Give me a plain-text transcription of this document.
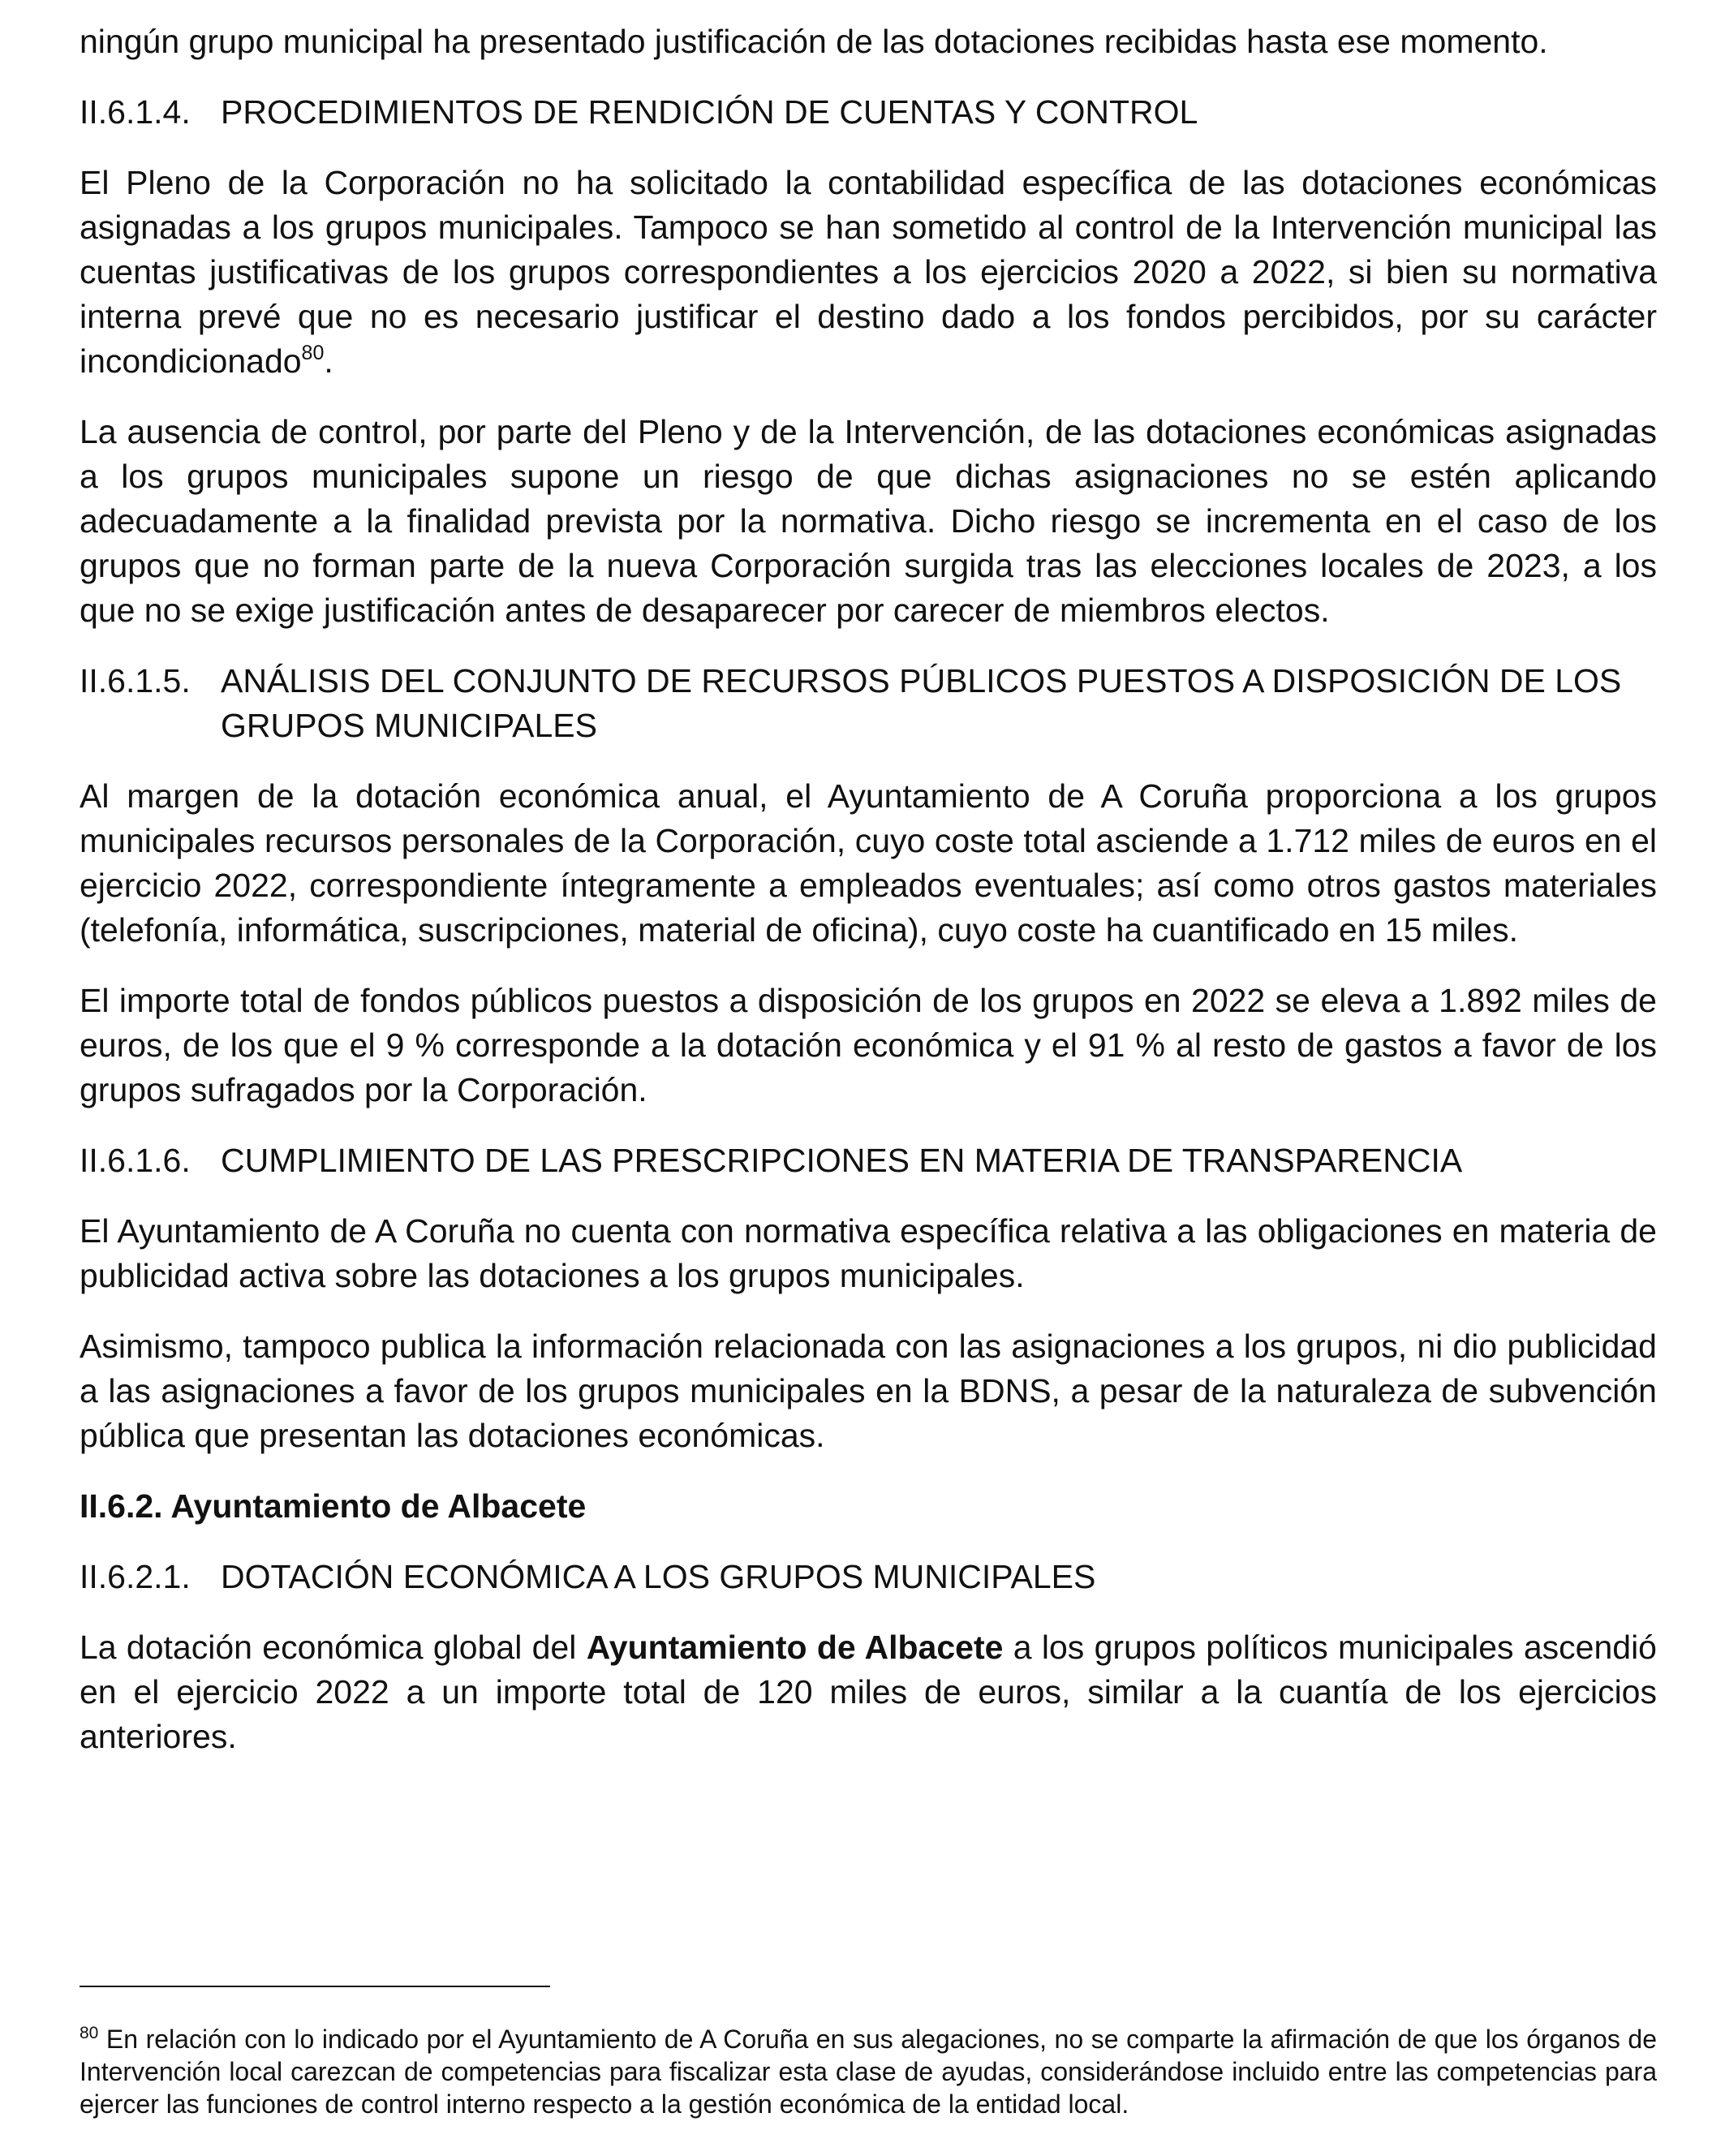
ningún grupo municipal ha presentado justificación de las dotaciones recibidas hasta ese momento.

II.6.1.4. PROCEDIMIENTOS DE RENDICIÓN DE CUENTAS Y CONTROL

El Pleno de la Corporación no ha solicitado la contabilidad específica de las dotaciones económicas asignadas a los grupos municipales. Tampoco se han sometido al control de la Intervención municipal las cuentas justificativas de los grupos correspondientes a los ejercicios 2020 a 2022, si bien su normativa interna prevé que no es necesario justificar el destino dado a los fondos percibidos, por su carácter incondicionado$^{80}$.

La ausencia de control, por parte del Pleno y de la Intervención, de las dotaciones económicas asignadas a los grupos municipales supone un riesgo de que dichas asignaciones no se estén aplicando adecuadamente a la finalidad prevista por la normativa. Dicho riesgo se incrementa en el caso de los grupos que no forman parte de la nueva Corporación surgida tras las elecciones locales de 2023, a los que no se exige justificación antes de desaparecer por carecer de miembros electos.

II.6.1.5. ANÁLISIS DEL CONJUNTO DE RECURSOS PÚBLICOS PUESTOS A DISPOSICIÓN DE LOS GRUPOS MUNICIPALES

Al margen de la dotación económica anual, el Ayuntamiento de A Coruña proporciona a los grupos municipales recursos personales de la Corporación, cuyo coste total asciende a 1.712 miles de euros en el ejercicio 2022, correspondiente íntegramente a empleados eventuales; así como otros gastos materiales (telefonía, informática, suscripciones, material de oficina), cuyo coste ha cuantificado en 15 miles.

El importe total de fondos públicos puestos a disposición de los grupos en 2022 se eleva a 1.892 miles de euros, de los que el 9 % corresponde a la dotación económica y el 91 % al resto de gastos a favor de los grupos sufragados por la Corporación.

II.6.1.6. CUMPLIMIENTO DE LAS PRESCRIPCIONES EN MATERIA DE TRANSPARENCIA

El Ayuntamiento de A Coruña no cuenta con normativa específica relativa a las obligaciones en materia de publicidad activa sobre las dotaciones a los grupos municipales.

Asimismo, tampoco publica la información relacionada con las asignaciones a los grupos, ni dio publicidad a las asignaciones a favor de los grupos municipales en la BDNS, a pesar de la naturaleza de subvención pública que presentan las dotaciones económicas.

II.6.2. Ayuntamiento de Albacete
II.6.2.1. DOTACIÓN ECONÓMICA A LOS GRUPOS MUNICIPALES

La dotación económica global del Ayuntamiento de Albacete a los grupos políticos municipales ascendió en el ejercicio 2022 a un importe total de 120 miles de euros, similar a la cuantía de los ejercicios anteriores.

$^{80}$ En relación con lo indicado por el Ayuntamiento de A Coruña en sus alegaciones, no se comparte la afirmación de que los órganos de Intervención local carezcan de competencias para fiscalizar esta clase de ayudas, considerándose incluido entre las competencias para ejercer las funciones de control interno respecto a la gestión económica de la entidad local.
